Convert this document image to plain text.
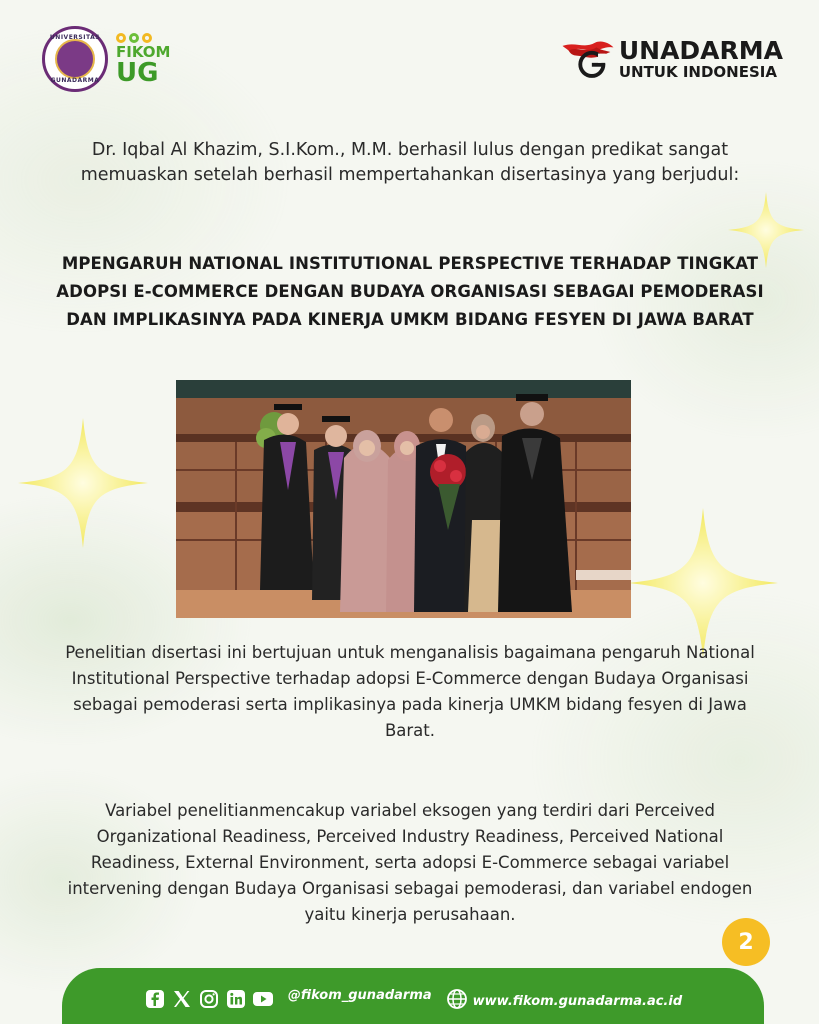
UNIVERSITAS
GUNADARMA
FIKOM
UG
UNADARMA
UNTUK INDONESIA

Dr. Iqbal Al Khazim, S.I.Kom., M.M. berhasil lulus dengan predikat sangat memuaskan setelah berhasil mempertahankan disertasinya yang berjudul:

MPENGARUH NATIONAL INSTITUTIONAL PERSPECTIVE TERHADAP TINGKAT ADOPSI E-COMMERCE DENGAN BUDAYA ORGANISASI SEBAGAI PEMODERASI DAN IMPLIKASINYA PADA KINERJA UMKM BIDANG FESYEN DI JAWA BARAT

Penelitian disertasi ini bertujuan untuk menganalisis bagaimana pengaruh National Institutional Perspective terhadap adopsi E-Commerce dengan Budaya Organisasi sebagai pemoderasi serta implikasinya pada kinerja UMKM bidang fesyen di Jawa Barat.

Variabel penelitianmencakup variabel eksogen yang terdiri dari Perceived Organizational Readiness, Perceived Industry Readiness, Perceived National Readiness, External Environment, serta adopsi E-Commerce sebagai variabel intervening dengan Budaya Organisasi sebagai pemoderasi, dan variabel endogen yaitu kinerja perusahaan.

2
@fikom_gunadarma	www.fikom.gunadarma.ac.id
